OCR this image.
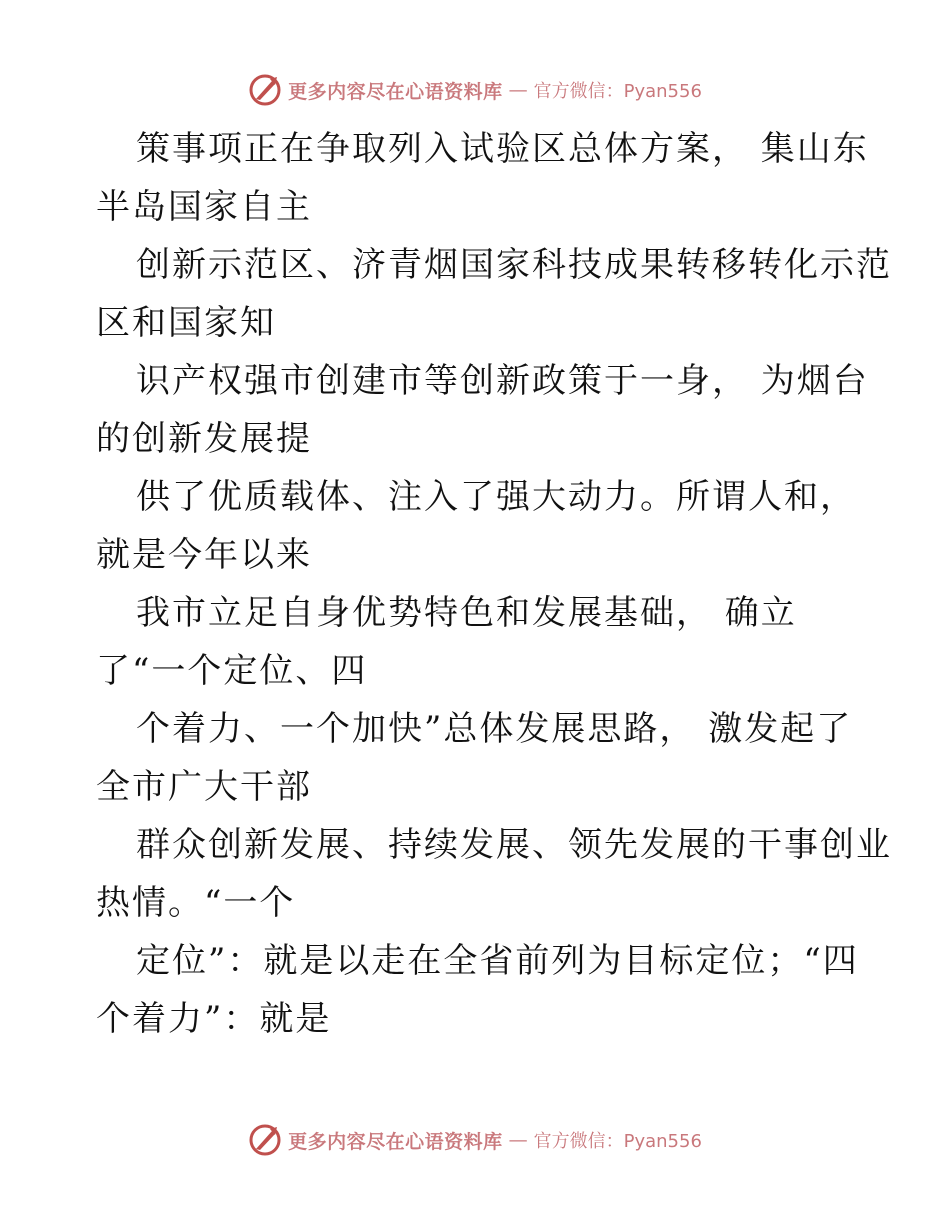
更多内容尽在心语资料库 — 官方微信：Pyan556
策事项正在争取列入试验区总体方案， 集山东
半岛国家自主
创新示范区、济青烟国家科技成果转移转化示范
区和国家知
识产权强市创建市等创新政策于一身， 为烟台
的创新发展提
供了优质载体、注入了强大动力。所谓人和，
就是今年以来
我市立足自身优势特色和发展基础， 确立
了“一个定位、四
个着力、一个加快”总体发展思路， 激发起了
全市广大干部
群众创新发展、持续发展、领先发展的干事创业
热情。“一个
定位”：就是以走在全省前列为目标定位；“四
个着力”：就是
更多内容尽在心语资料库 — 官方微信：Pyan556
